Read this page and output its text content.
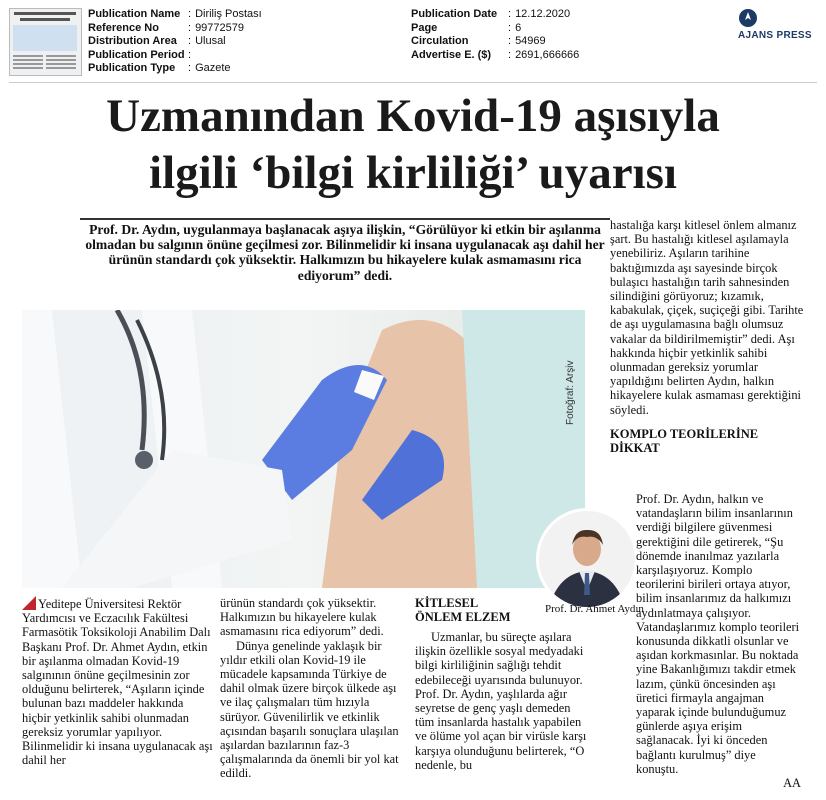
Publication Name : Diriliş Postası
Reference No	: 99772579
Distribution Area	: Ulusal
Publication Period :
Publication Type	: Gazete
Publication Date : 12.12.2020
Page	: 6
Circulation	: 54969
Advertise E. ($)	: 2691,666666
AJANS PRESS
Uzmanından Kovid-19 aşısıyla
ilgili ‘bilgi kirliliği’ uyarısı
Prof. Dr. Aydın, uygulanmaya başlanacak aşıya ilişkin, “Görülüyor ki etkin bir aşılanma olmadan bu salgının önüne geçilmesi zor. Bilinmelidir ki insana uygulanacak aşı dahil her ürünün standardı çok yüksektir. Halkımızın bu hikayelere kulak asmamasını rica ediyorum” dedi.
Fotoğraf: Arşiv
Prof. Dr. Ahmet Aydın

Yeditepe Üniversitesi Rektör Yardımcısı ve Eczacılık Fakültesi Farmasötik Toksikoloji Anabilim Dalı Başkanı Prof. Dr. Ahmet Aydın, etkin bir aşılanma olmadan Kovid-19 salgınının önüne geçilmesinin zor olduğunu belirterek, “Aşıların içinde bulunan bazı maddeler hakkında hiçbir yetkinlik sahibi olunmadan gereksiz yorumlar yapılıyor. Bilinmelidir ki insana uygulanacak aşı dahil her

ürünün standardı çok yüksektir. Halkımızın bu hikayelere kulak asmamasını rica ediyorum” dedi.

Dünya genelinde yaklaşık bir yıldır etkili olan Kovid-19 ile mücadele kapsamında Türkiye de dahil olmak üzere birçok ülkede aşı ve ilaç çalışmaları tüm hızıyla sürüyor. Güvenilirlik ve etkinlik açısından başarılı sonuçlara ulaşılan aşılardan bazılarının faz-3 çalışmalarında da önemli bir yol kat edildi.

KİTLESEL ÖNLEM ELZEM

Uzmanlar, bu süreçte aşılara ilişkin özellikle sosyal medyadaki bilgi kirliliğinin sağlığı tehdit edebileceği uyarısında bulunuyor. Prof. Dr. Aydın, yaşlılarda ağır seyretse de genç yaşlı demeden tüm insanlarda hastalık yapabilen ve ölüme yol açan bir virüsle karşı karşıya olunduğunu belirterek, “O nedenle, bu

hastalığa karşı kitlesel önlem almanız şart. Bu hastalığı kitlesel aşılamayla yenebiliriz. Aşıların tarihine baktığımızda aşı sayesinde birçok bulaşıcı hastalığın tarih sahnesinden silindiğini görüyoruz; kızamık, kabakulak, çiçek, suçiçeği gibi. Tarihte de aşı uygulamasına bağlı olumsuz vakalar da bildirilmemiştir” dedi. Aşı hakkında hiçbir yetkinlik sahibi olunmadan gereksiz yorumlar yapıldığını belirten Aydın, halkın hikayelere kulak asmaması gerektiğini söyledi.

KOMPLO TEORİLERİNE DİKKAT

Prof. Dr. Aydın, halkın ve vatandaşların bilim insanlarının verdiği bilgilere güvenmesi gerektiğini dile getirerek, “Şu dönemde inanılmaz yazılarla karşılaşıyoruz. Komplo teorilerini birileri ortaya atıyor, bilim insanlarımız da halkımızı aydınlatmaya çalışıyor. Vatandaşlarımız komplo teorileri konusunda dikkatli olsunlar ve aşıdan korkmasınlar. Bu noktada yine Bakanlığımızı takdir etmek lazım, çünkü öncesinden aşı üretici firmayla angajman yaparak içinde bulunduğumuz günlerde aşıya erişim sağlanacak. İyi ki önceden bağlantı kurulmuş” diye konuştu.

AA
